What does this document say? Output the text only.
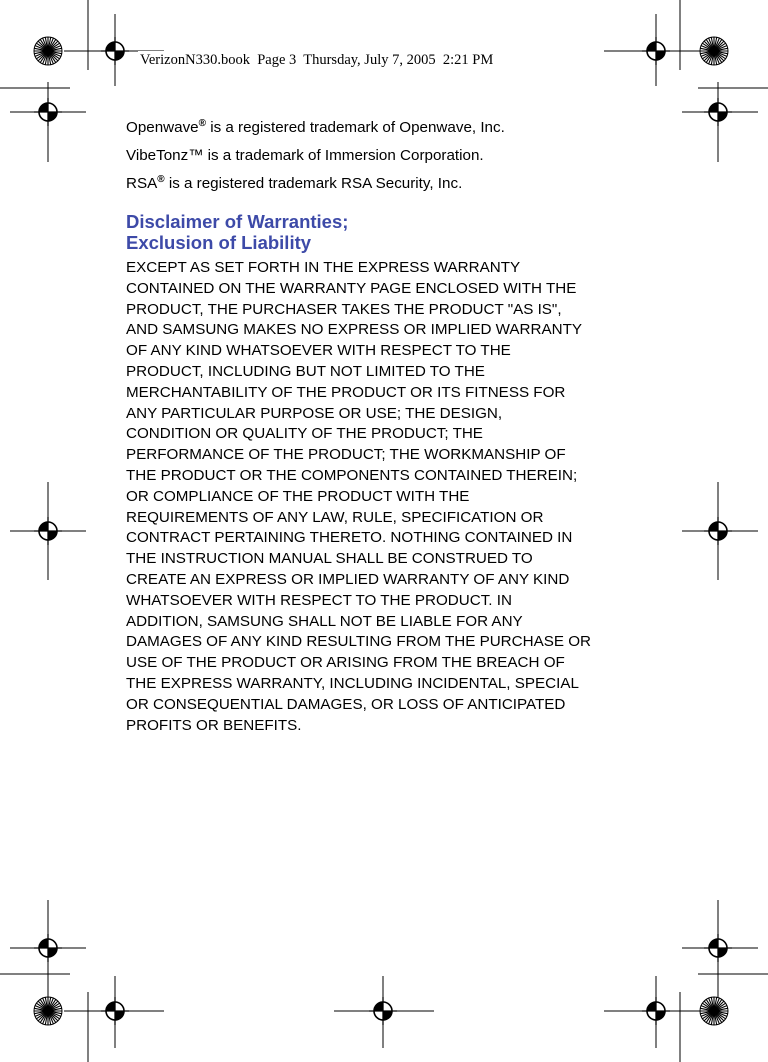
VerizonN330.book  Page 3  Thursday, July 7, 2005  2:21 PM

Openwave® is a registered trademark of Openwave, Inc.

VibeTonz™ is a trademark of Immersion Corporation.

RSA® is a registered trademark RSA Security, Inc.

Disclaimer of Warranties;
Exclusion of Liability
EXCEPT AS SET FORTH IN THE EXPRESS WARRANTY
CONTAINED ON THE WARRANTY PAGE ENCLOSED WITH THE
PRODUCT, THE PURCHASER TAKES THE PRODUCT "AS IS",
AND SAMSUNG MAKES NO EXPRESS OR IMPLIED WARRANTY
OF ANY KIND WHATSOEVER WITH RESPECT TO THE
PRODUCT, INCLUDING BUT NOT LIMITED TO THE
MERCHANTABILITY OF THE PRODUCT OR ITS FITNESS FOR
ANY PARTICULAR PURPOSE OR USE; THE DESIGN,
CONDITION OR QUALITY OF THE PRODUCT; THE
PERFORMANCE OF THE PRODUCT; THE WORKMANSHIP OF
THE PRODUCT OR THE COMPONENTS CONTAINED THEREIN;
OR COMPLIANCE OF THE PRODUCT WITH THE
REQUIREMENTS OF ANY LAW, RULE, SPECIFICATION OR
CONTRACT PERTAINING THERETO. NOTHING CONTAINED IN
THE INSTRUCTION MANUAL SHALL BE CONSTRUED TO
CREATE AN EXPRESS OR IMPLIED WARRANTY OF ANY KIND
WHATSOEVER WITH RESPECT TO THE PRODUCT. IN
ADDITION, SAMSUNG SHALL NOT BE LIABLE FOR ANY
DAMAGES OF ANY KIND RESULTING FROM THE PURCHASE OR
USE OF THE PRODUCT OR ARISING FROM THE BREACH OF
THE EXPRESS WARRANTY, INCLUDING INCIDENTAL, SPECIAL
OR CONSEQUENTIAL DAMAGES, OR LOSS OF ANTICIPATED
PROFITS OR BENEFITS.
